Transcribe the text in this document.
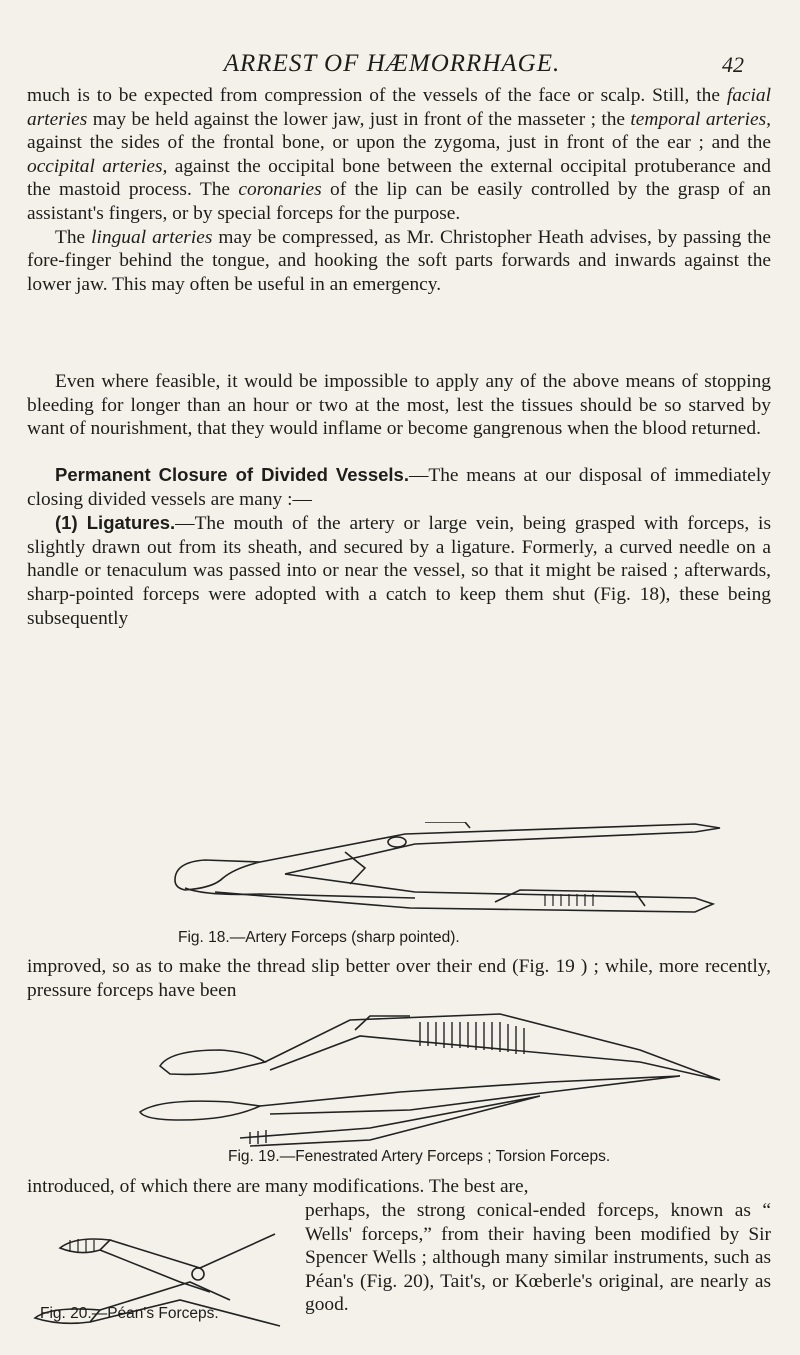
ARREST OF HÆMORRHAGE.	42
much is to be expected from compression of the vessels of the face or scalp. Still, the facial arteries may be held against the lower jaw, just in front of the masseter ; the temporal arteries, against the sides of the frontal bone, or upon the zygoma, just in front of the ear ; and the occipital arteries, against the occipital bone between the external occipital protuberance and the mastoid process. The coronaries of the lip can be easily controlled by the grasp of an assistant's fingers, or by special forceps for the purpose.
The lingual arteries may be compressed, as Mr. Christopher Heath advises, by passing the fore-finger behind the tongue, and hooking the soft parts forwards and inwards against the lower jaw. This may often be useful in an emergency.
Even where feasible, it would be impossible to apply any of the above means of stopping bleeding for longer than an hour or two at the most, lest the tissues should be so starved by want of nourishment, that they would inflame or become gangrenous when the blood returned.
Permanent Closure of Divided Vessels.—The means at our disposal of immediately closing divided vessels are many :—
(1) Ligatures.—The mouth of the artery or large vein, being grasped with forceps, is slightly drawn out from its sheath, and secured by a ligature. Formerly, a curved needle on a handle or tenaculum was passed into or near the vessel, so that it might be raised ; afterwards, sharp-pointed forceps were adopted with a catch to keep them shut (Fig. 18), these being subsequently
Fig. 18.—Artery Forceps (sharp pointed).
improved, so as to make the thread slip better over their end (Fig. 19 ) ; while, more recently, pressure forceps have been
Fig. 19.—Fenestrated Artery Forceps ; Torsion Forceps.
introduced, of which there are many modifications. The best are,
perhaps, the strong conical-ended forceps, known as “ Wells' forceps,” from their having been modified by Sir Spencer Wells ; although many similar instruments, such as Péan's (Fig. 20), Tait's, or Kœberle's original, are nearly as good.
Fig. 20.—Péan's Forceps.
